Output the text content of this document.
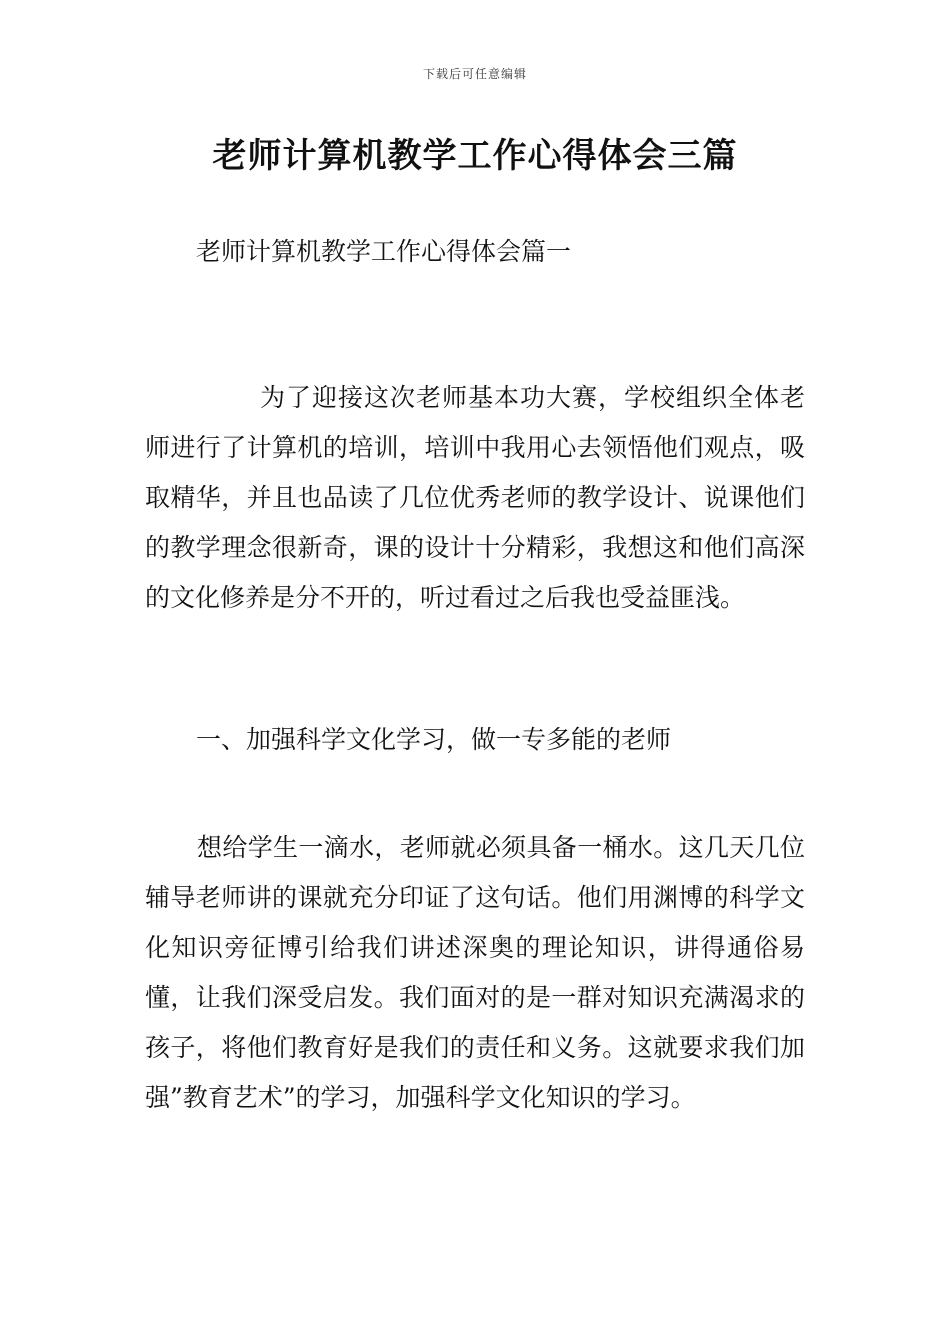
下载后可任意编辑
老师计算机教学工作心得体会三篇
老师计算机教学工作心得体会篇一

为了迎接这次老师基本功大赛，学校组织全体老师进行了计算机的培训，培训中我用心去领悟他们观点，吸取精华，并且也品读了几位优秀老师的教学设计、说课他们的教学理念很新奇，课的设计十分精彩，我想这和他们高深的文化修养是分不开的，听过看过之后我也受益匪浅。

一、加强科学文化学习，做一专多能的老师

想给学生一滴水，老师就必须具备一桶水。这几天几位辅导老师讲的课就充分印证了这句话。他们用渊博的科学文化知识旁征博引给我们讲述深奥的理论知识，讲得通俗易懂，让我们深受启发。我们面对的是一群对知识充满渴求的孩子，将他们教育好是我们的责任和义务。这就要求我们加强”教育艺术”的学习，加强科学文化知识的学习。
